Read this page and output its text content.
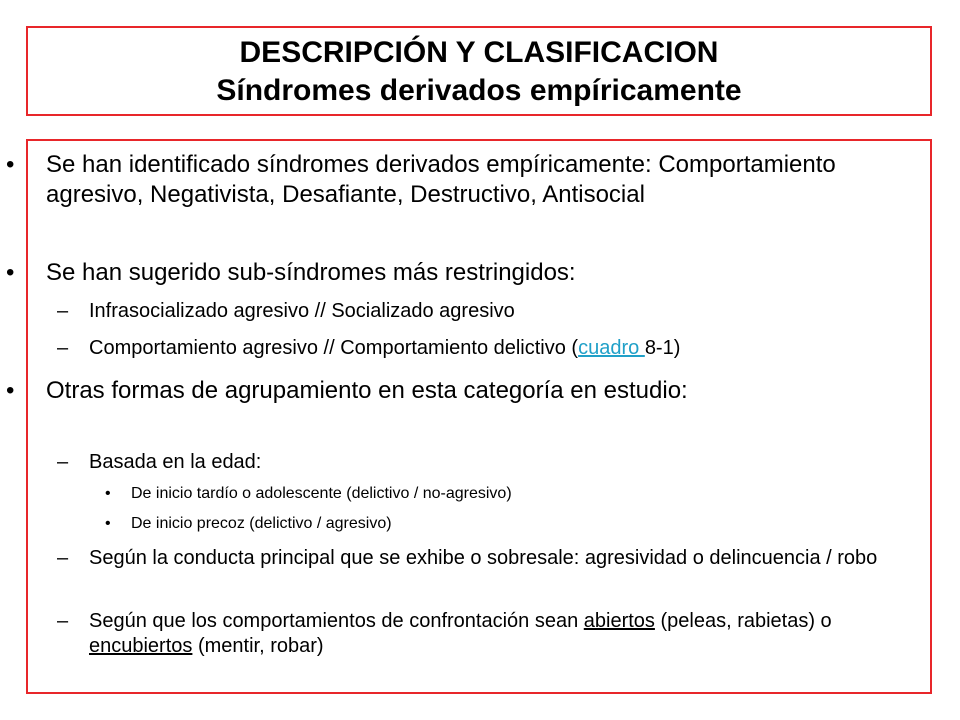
DESCRIPCIÓN Y CLASIFICACION
Síndromes derivados empíricamente
• Se han identificado síndromes derivados empíricamente: Comportamiento agresivo, Negativista, Desafiante, Destructivo, Antisocial
• Se han sugerido sub-síndromes más restringidos:
– Infrasocializado agresivo // Socializado agresivo
– Comportamiento agresivo // Comportamiento delictivo (cuadro 8-1)
• Otras formas de agrupamiento en esta categoría en estudio:
– Basada en la edad:
• De inicio tardío o adolescente (delictivo / no-agresivo)
• De inicio precoz (delictivo / agresivo)
– Según la conducta principal que se exhibe o sobresale: agresividad o delincuencia / robo
– Según que los comportamientos de confrontación sean abiertos (peleas, rabietas) o encubiertos (mentir, robar)
